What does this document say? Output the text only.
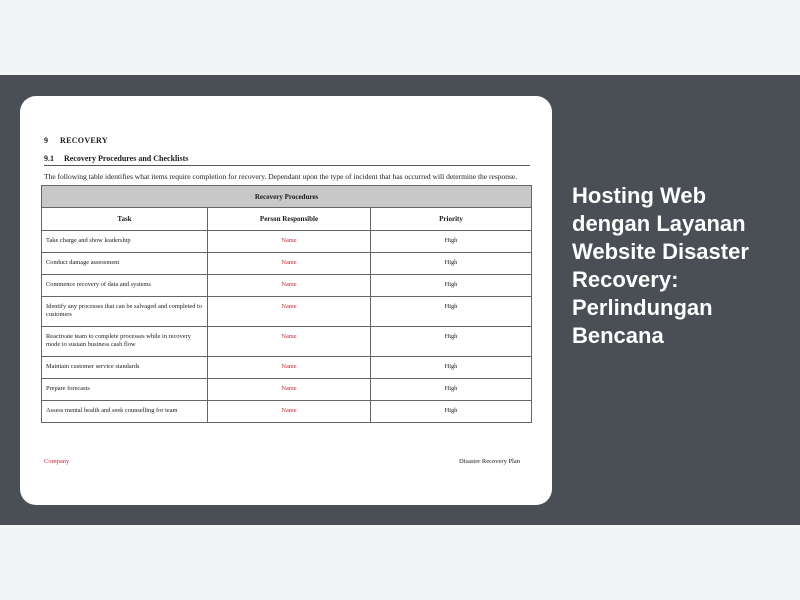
9 RECOVERY
9.1 Recovery Procedures and Checklists

The following table identifies what items require completion for recovery. Dependant upon the type of incident that has occurred will determine the response.

Recovery Procedures		
Task	Person Responsible	Priority
Take charge and show leadership	Name	High
Conduct damage assessment	Name	High
Commence recovery of data and systems	Name	High
Identify any processes that can be salvaged and completed to customers	Name	High
Reactivate team to complete processes while in recovery mode to sustain business cash flow	Name	High
Maintain customer service standards	Name	High
Prepare forecasts	Name	High
Assess mental health and seek counselling for team	Name	High
Company	Disaster Recovery Plan
Hosting Web dengan Layanan Website Disaster Recovery: Perlindungan Bencana
